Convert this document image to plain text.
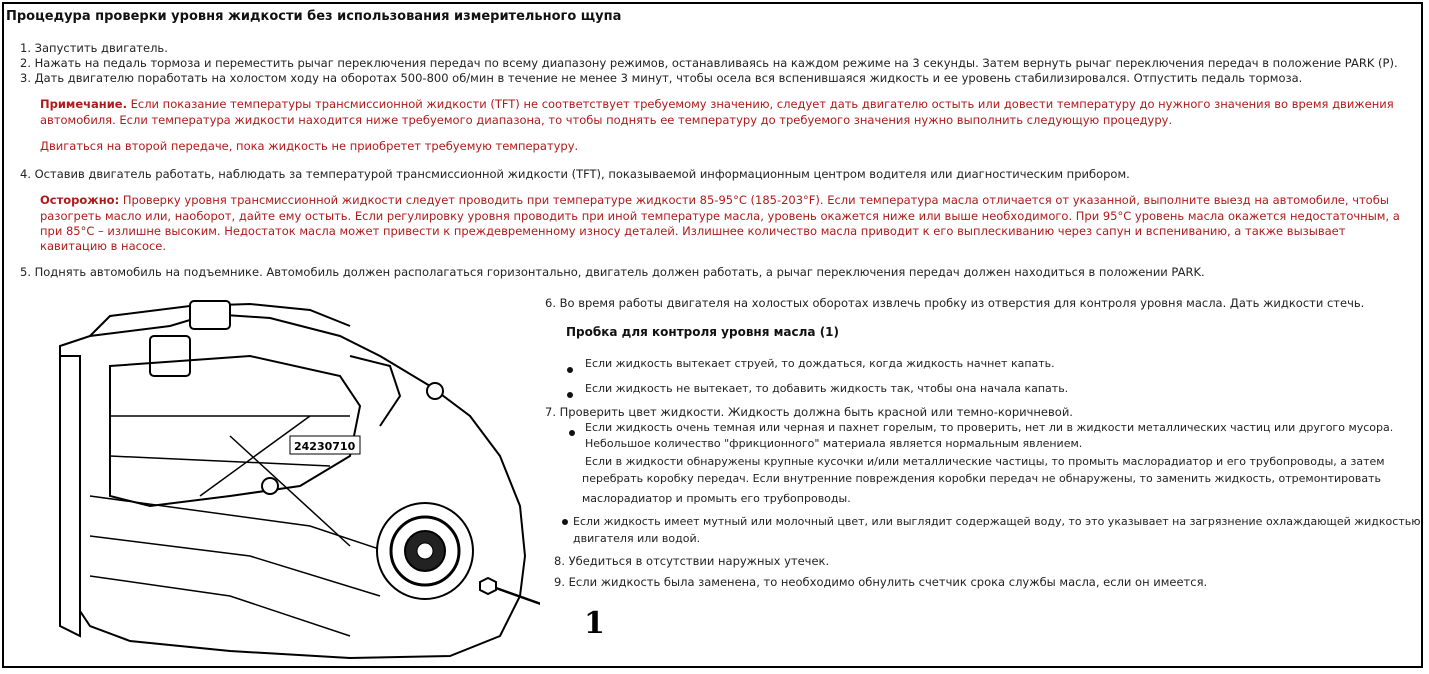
Процедура проверки уровня жидкости без использования измерительного щупа
1. Запустить двигатель.
2. Нажать на педаль тормоза и переместить рычаг переключения передач по всему диапазону режимов, останавливаясь на каждом режиме на 3 секунды. Затем вернуть рычаг переключения передач в положение PARK (P).
3. Дать двигателю поработать на холостом ходу на оборотах 500-800 об/мин в течение не менее 3 минут, чтобы осела вся вспенившаяся жидкость и ее уровень стабилизировался. Отпустить педаль тормоза.
Примечание. Если показание температуры трансмиссионной жидкости (TFT) не соответствует требуемому значению, следует дать двигателю остыть или довести температуру до нужного значения во время движения
автомобиля. Если температура жидкости находится ниже требуемого диапазона, то чтобы поднять ее температуру до требуемого значения нужно выполнить следующую процедуру.
Двигаться на второй передаче, пока жидкость не приобретет требуемую температуру.
4. Оставив двигатель работать, наблюдать за температурой трансмиссионной жидкости (TFT), показываемой информационным центром водителя или диагностическим прибором.
Осторожно: Проверку уровня трансмиссионной жидкости следует проводить при температуре жидкости 85-95°C (185-203°F). Если температура масла отличается от указанной, выполните выезд на автомобиле, чтобы
разогреть масло или, наоборот, дайте ему остыть. Если регулировку уровня проводить при иной температуре масла, уровень окажется ниже или выше необходимого. При 95°C уровень масла окажется недостаточным, а
при 85°C – излишне высоким. Недостаток масла может привести к преждевременному износу деталей. Излишнее количество масла приводит к его выплескиванию через сапун и вспениванию, а также вызывает
кавитацию в насосе.
5. Поднять автомобиль на подъемнике. Автомобиль должен располагаться горизонтально, двигатель должен работать, а рычаг переключения передач должен находиться в положении PARK.
6. Во время работы двигателя на холостых оборотах извлечь пробку из отверстия для контроля уровня масла. Дать жидкости стечь.
Пробка для контроля уровня масла (1)
Если жидкость вытекает струей, то дождаться, когда жидкость начнет капать.
Если жидкость не вытекает, то добавить жидкость так, чтобы она начала капать.
7. Проверить цвет жидкости. Жидкость должна быть красной или темно-коричневой.
Если жидкость очень темная или черная и пахнет горелым, то проверить, нет ли в жидкости металлических частиц или другого мусора.
Небольшое количество "фрикционного" материала является нормальным явлением.
Если в жидкости обнаружены крупные кусочки и/или металлические частицы, то промыть маслорадиатор и его трубопроводы, а затем
перебрать коробку передач. Если внутренние повреждения коробки передач не обнаружены, то заменить жидкость, отремонтировать
маслорадиатор и промыть его трубопроводы.
Если жидкость имеет мутный или молочный цвет, или выглядит содержащей воду, то это указывает на загрязнение охлаждающей жидкостью
двигателя или водой.
8. Убедиться в отсутствии наружных утечек.
9. Если жидкость была заменена, то необходимо обнулить счетчик срока службы масла, если он имеется.
24230710
1
